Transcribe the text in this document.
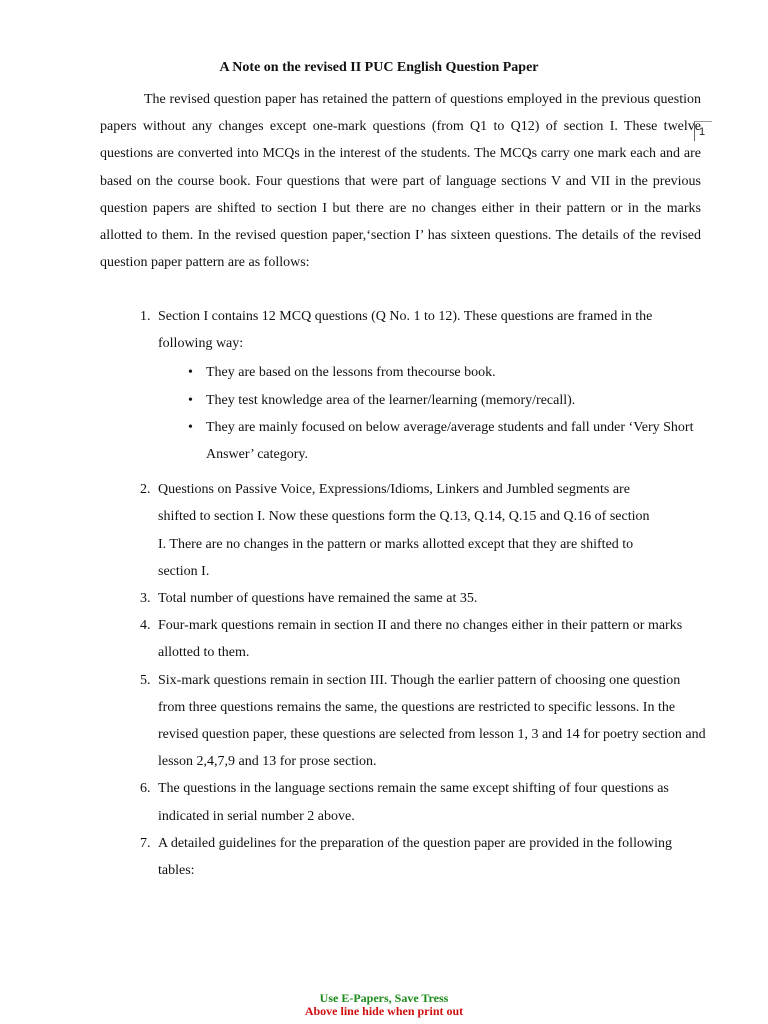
A Note on the revised II PUC English Question Paper

The revised question paper has retained the pattern of questions employed in the previous question papers without any changes except one-mark questions (from Q1 to Q12) of section I. These twelve questions are converted into MCQs in the interest of the students. The MCQs carry one mark each and are based on the course book. Four questions that were part of language sections V and VII in the previous question papers are shifted to section I but there are no changes either in their pattern or in the marks allotted to them. In the revised question paper,‘section I’ has sixteen questions. The details of the revised question paper pattern are as follows:

1
1. Section I contains 12 MCQ questions (Q No. 1 to 12). These questions are framed in the following way:
• They are based on the lessons from thecourse book.
• They test knowledge area of the learner/learning (memory/recall).
• They are mainly focused on below average/average students and fall under ‘Very Short Answer’ category.
2. Questions on Passive Voice, Expressions/Idioms, Linkers and Jumbled segments are shifted to section I. Now these questions form the Q.13, Q.14, Q.15 and Q.16 of section I. There are no changes in the pattern or marks allotted except that they are shifted to section I.
3. Total number of questions have remained the same at 35.
4. Four-mark questions remain in section II and there no changes either in their pattern or marks allotted to them.
5. Six-mark questions remain in section III. Though the earlier pattern of choosing one question from three questions remains the same, the questions are restricted to specific lessons. In the revised question paper, these questions are selected from lesson 1, 3 and 14 for poetry section and lesson 2,4,7,9 and 13 for prose section.
6. The questions in the language sections remain the same except shifting of four questions as indicated in serial number 2 above.
7. A detailed guidelines for the preparation of the question paper are provided in the following tables:
Use E-Papers, Save Tress
Above line hide when print out
